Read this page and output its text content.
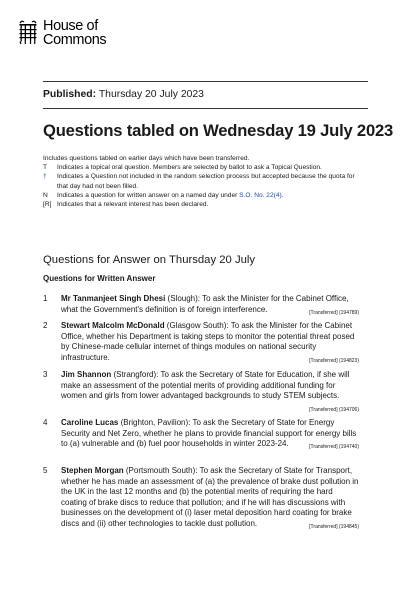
House of
Commons
Published: Thursday 20 July 2023
Questions tabled on Wednesday 19 July 2023
Includes questions tabled on earlier days which have been transferred.
T	Indicates a topical oral question. Members are selected by ballot to ask a Topical Question.
†	Indicates a Question not included in the random selection process but accepted because the quota for that day had not been filled.
N	Indicates a question for written answer on a named day under S.O. No. 22(4).
[R] Indicates that a relevant interest has been declared.
Questions for Answer on Thursday 20 July
Questions for Written Answer
1	Mr Tanmanjeet Singh Dhesi (Slough): To ask the Minister for the Cabinet Office, what the Government's definition is of foreign interference.	[Transferred] (194789)
2	Stewart Malcolm McDonald (Glasgow South): To ask the Minister for the Cabinet Office, whether his Department is taking steps to monitor the potential threat posed by Chinese-made cellular internet of things modules on national security infrastructure.	[Transferred] (194823)
3	Jim Shannon (Strangford): To ask the Secretary of State for Education, if she will make an assessment of the potential merits of providing additional funding for women and girls from lower advantaged backgrounds to study STEM subjects.
[Transferred] (194706)
4	Caroline Lucas (Brighton, Pavilion): To ask the Secretary of State for Energy Security and Net Zero, whether he plans to provide financial support for energy bills to (a) vulnerable and (b) fuel poor households in winter 2023-24.	[Transferred] (194740)
5	Stephen Morgan (Portsmouth South): To ask the Secretary of State for Transport, whether he has made an assessment of (a) the prevalence of brake dust pollution in the UK in the last 12 months and (b) the potential merits of requiring the hard coating of brake discs to reduce that pollution; and if he will has discussions with businesses on the development of (i) laser metal deposition hard coating for brake discs and (ii) other technologies to tackle dust pollution.	[Transferred] (194845)
